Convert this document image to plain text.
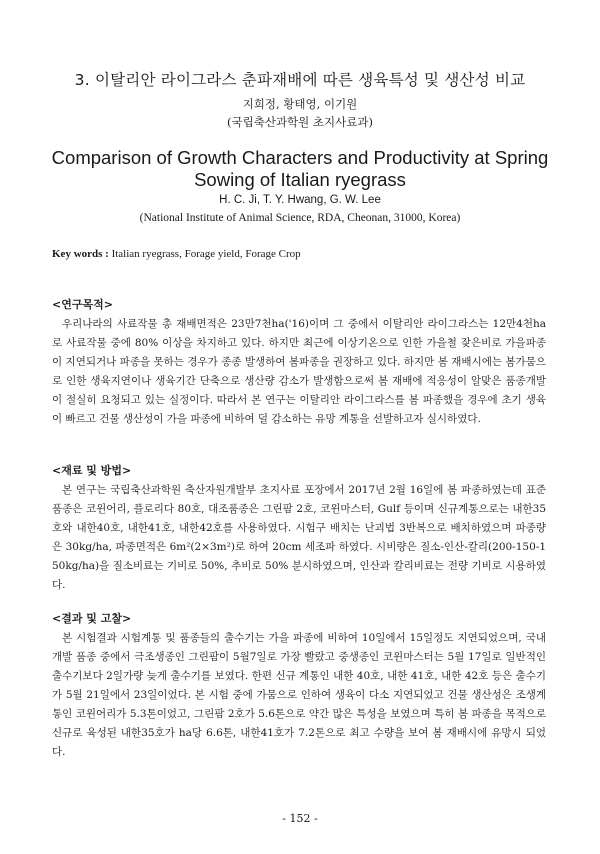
3. 이탈리안 라이그라스 춘파재배에 따른 생육특성 및 생산성 비교
지희정, 황태영, 이기원
(국립축산과학원 초지사료과)
Comparison of Growth Characters and Productivity at Spring Sowing of Italian ryegrass
H. C. Ji, T. Y. Hwang, G. W. Lee
(National Institute of Animal Science, RDA, Cheonan, 31000, Korea)
Key words : Italian ryegrass, Forage yield, Forage Crop
<연구목적>
우리나라의 사료작물 총 재배면적은 23만7천ha('16)이며 그 중에서 이탈리안 라이그라스는 12만4천ha로 사료작물 중에 80% 이상을 차지하고 있다. 하지만 최근에 이상기온으로 인한 가을철 잦은비로 가을파종이 지연되거나 파종을 못하는 경우가 종종 발생하여 봄파종을 권장하고 있다. 하지만 봄 재배시에는 봄가뭄으로 인한 생육지연이나 생육기간 단축으로 생산량 감소가 발생함으로써 봄 재배에 적응성이 알맞은 품종개발이 절실히 요청되고 있는 실정이다. 따라서 본 연구는 이탈리안 라이그라스를 봄 파종했을 경우에 초기 생육이 빠르고 건물 생산성이 가을 파종에 비하여 덜 감소하는 유망 계통을 선발하고자 실시하였다.
<재료 및 방법>
본 연구는 국립축산과학원 축산자원개발부 초지사료 포장에서 2017년 2월 16일에 봄 파종하였는데 표준품종은 코윈어리, 플로리다 80호, 대조품종은 그린팜 2호, 코윈마스터, Gulf 등이며 신규계통으로는 내한35호와 내한40호, 내한41호, 내한42호를 사용하였다. 시험구 배치는 난괴법 3반복으로 배치하였으며 파종량은 30kg/ha, 파종면적은 6m²(2×3m²)로 하여 20cm 세조파 하였다. 시비량은 질소-인산-칼리(200-150-150kg/ha)을 질소비료는 기비로 50%, 추비로 50% 분시하였으며, 인산과 칼리비료는 전량 기비로 시용하였다.
<결과 및 고찰>
본 시험결과 시험계통 및 품종들의 출수기는 가을 파종에 비하여 10일에서 15일정도 지연되었으며, 국내개발 품종 중에서 극조생종인 그린팜이 5월7일로 가장 빨랐고 중생종인 코윈마스터는 5월 17일로 일반적인 출수기보다 2일가량 늦게 출수기를 보였다. 한편 신규 계통인 내한 40호, 내한 41호, 내한 42호 등은 출수기가 5월 21일에서 23일이었다. 본 시험 중에 가뭄으로 인하여 생육이 다소 지연되었고 건물 생산성은 조생계통인 코윈어리가 5.3톤이었고, 그린팜 2호가 5.6톤으로 약간 많은 특성을 보였으며 특히 봄 파종을 목적으로 신규로 육성된 내한35호가 ha당 6.6톤, 내한41호가 7.2톤으로 최고 수량을 보여 봄 재배시에 유망시 되었다.
- 152 -
